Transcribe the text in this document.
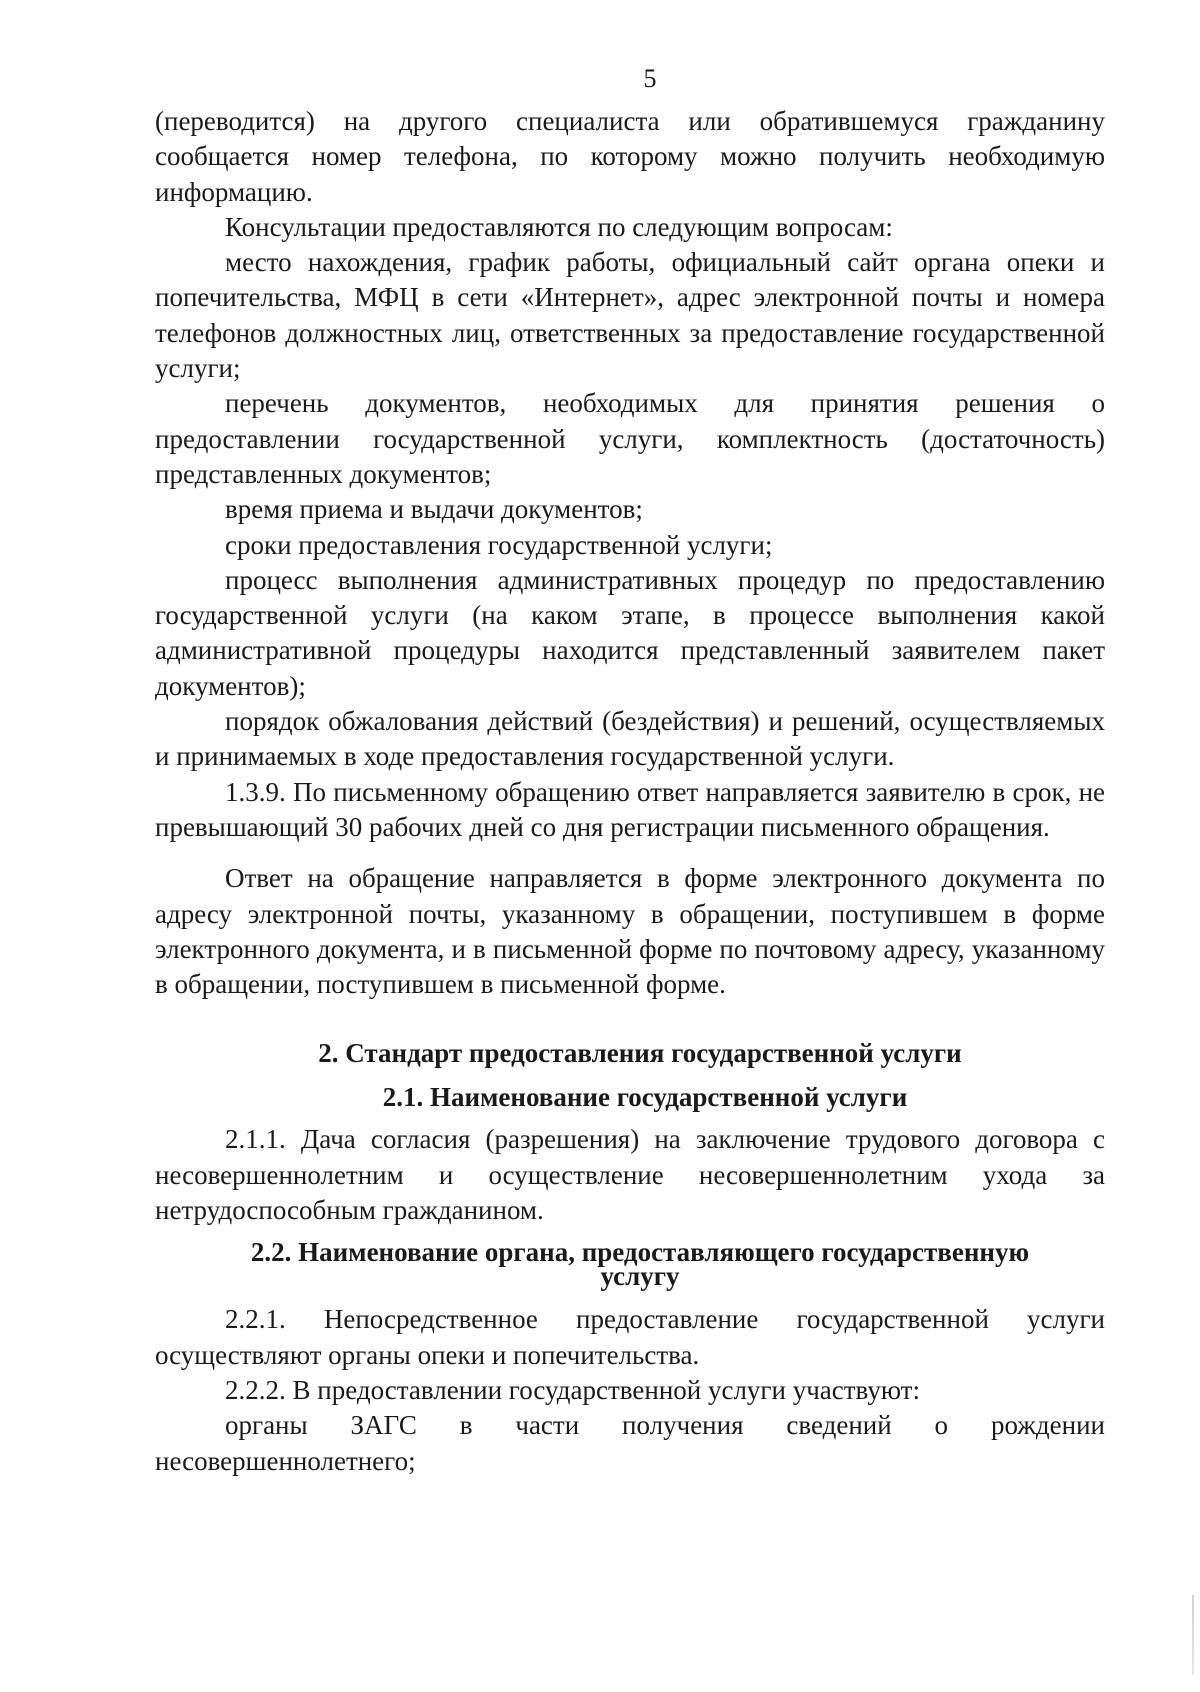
5

(переводится) на другого специалиста или обратившемуся гражданину сообщается номер телефона, по которому можно получить необходимую информацию.

Консультации предоставляются по следующим вопросам:

место нахождения, график работы, официальный сайт органа опеки и попечительства, МФЦ в сети «Интернет», адрес электронной почты и номера телефонов должностных лиц, ответственных за предоставление государственной услуги;

перечень документов, необходимых для принятия решения о предоставлении государственной услуги, комплектность (достаточность) представленных документов;

время приема и выдачи документов;

сроки предоставления государственной услуги;

процесс выполнения административных процедур по предоставлению государственной услуги (на каком этапе, в процессе выполнения какой административной процедуры находится представленный заявителем пакет документов);

порядок обжалования действий (бездействия) и решений, осуществляемых и принимаемых в ходе предоставления государственной услуги.

1.3.9. По письменному обращению ответ направляется заявителю в срок, не превышающий 30 рабочих дней со дня регистрации письменного обращения.

Ответ на обращение направляется в форме электронного документа по адресу электронной почты, указанному в обращении, поступившем в форме электронного документа, и в письменной форме по почтовому адресу, указанному в обращении, поступившем в письменной форме.

2. Стандарт предоставления государственной услуги
2.1. Наименование государственной услуги

2.1.1. Дача согласия (разрешения) на заключение трудового договора с несовершеннолетним и осуществление несовершеннолетним ухода за нетрудоспособным гражданином.

2.2. Наименование органа, предоставляющего государственную
услугу

2.2.1. Непосредственное предоставление государственной услуги осуществляют органы опеки и попечительства.

2.2.2. В предоставлении государственной услуги участвуют:

органы ЗАГС в части получения сведений о рождении несовершеннолетнего;
